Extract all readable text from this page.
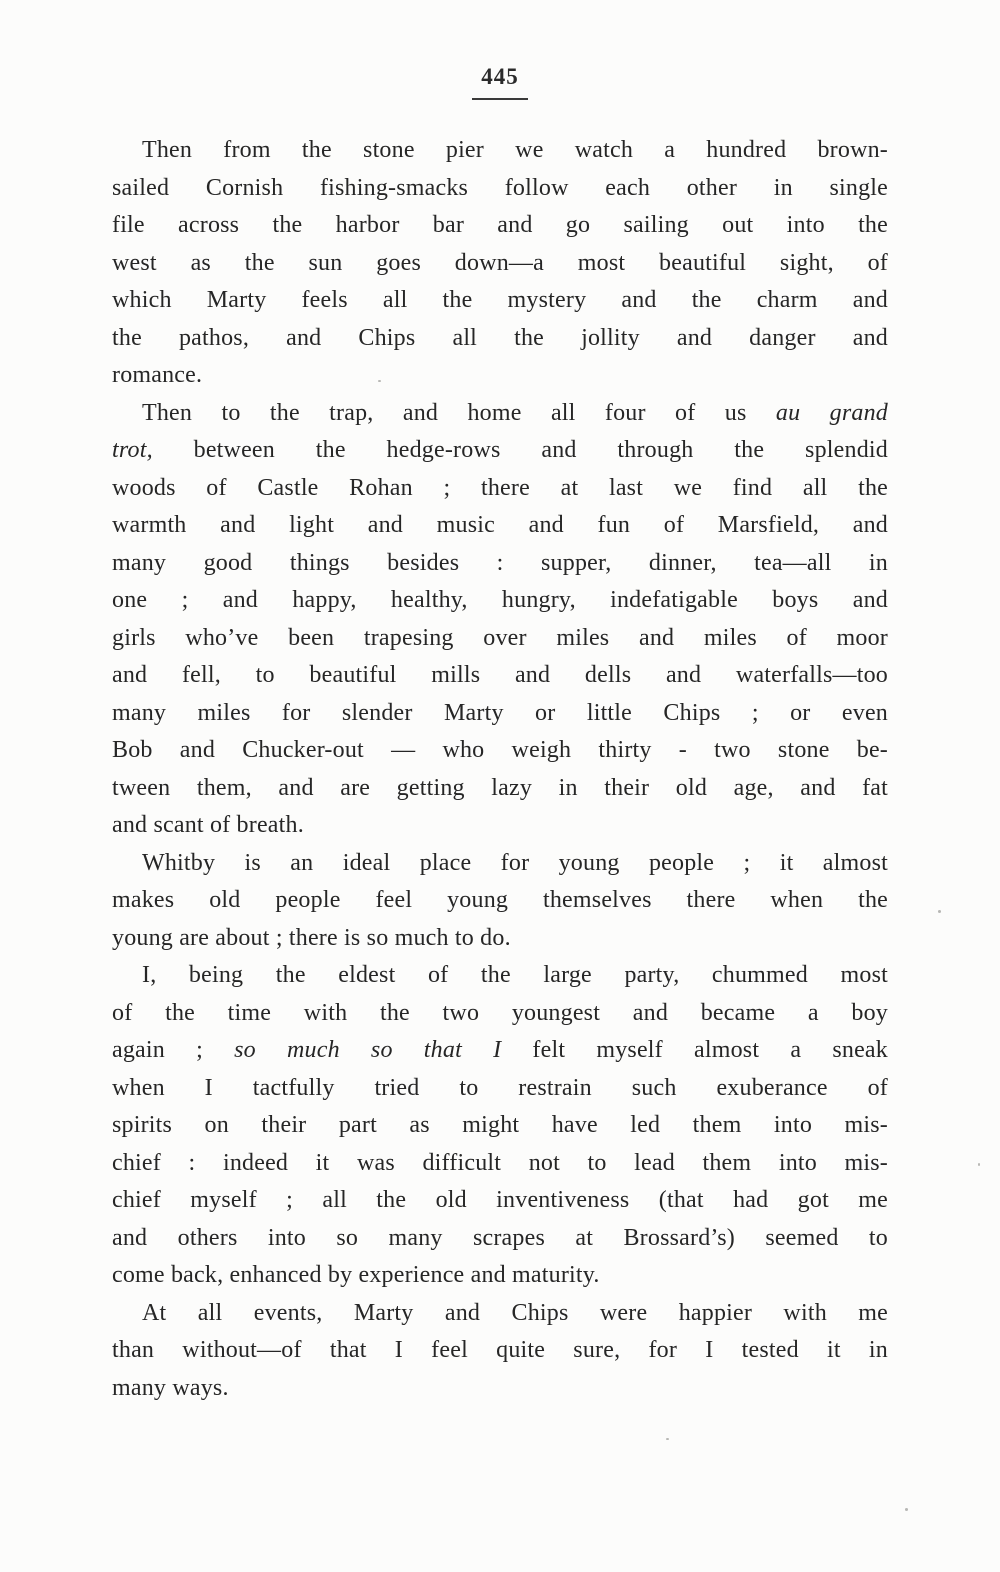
445
Then from the stone pier we watch a hundred brown-
sailed Cornish fishing-smacks follow each other in single
file across the harbor bar and go sailing out into the
west as the sun goes down—a most beautiful sight, of
which Marty feels all the mystery and the charm and
the pathos, and Chips all the jollity and danger and
romance.
Then to the trap, and home all four of us au grand
trot, between the hedge-rows and through the splendid
woods of Castle Rohan ; there at last we find all the
warmth and light and music and fun of Marsfield, and
many good things besides : supper, dinner, tea—all in
one ; and happy, healthy, hungry, indefatigable boys and
girls who’ve been trapesing over miles and miles of moor
and fell, to beautiful mills and dells and waterfalls—too
many miles for slender Marty or little Chips ; or even
Bob and Chucker-out — who weigh thirty - two stone be-
tween them, and are getting lazy in their old age, and fat
and scant of breath.
Whitby is an ideal place for young people ; it almost
makes old people feel young themselves there when the
young are about ; there is so much to do.
I, being the eldest of the large party, chummed most
of the time with the two youngest and became a boy
again ; so much so that I felt myself almost a sneak
when I tactfully tried to restrain such exuberance of
spirits on their part as might have led them into mis-
chief : indeed it was difficult not to lead them into mis-
chief myself ; all the old inventiveness (that had got me
and others into so many scrapes at Brossard’s) seemed to
come back, enhanced by experience and maturity.
At all events, Marty and Chips were happier with me
than without—of that I feel quite sure, for I tested it in
many ways.
